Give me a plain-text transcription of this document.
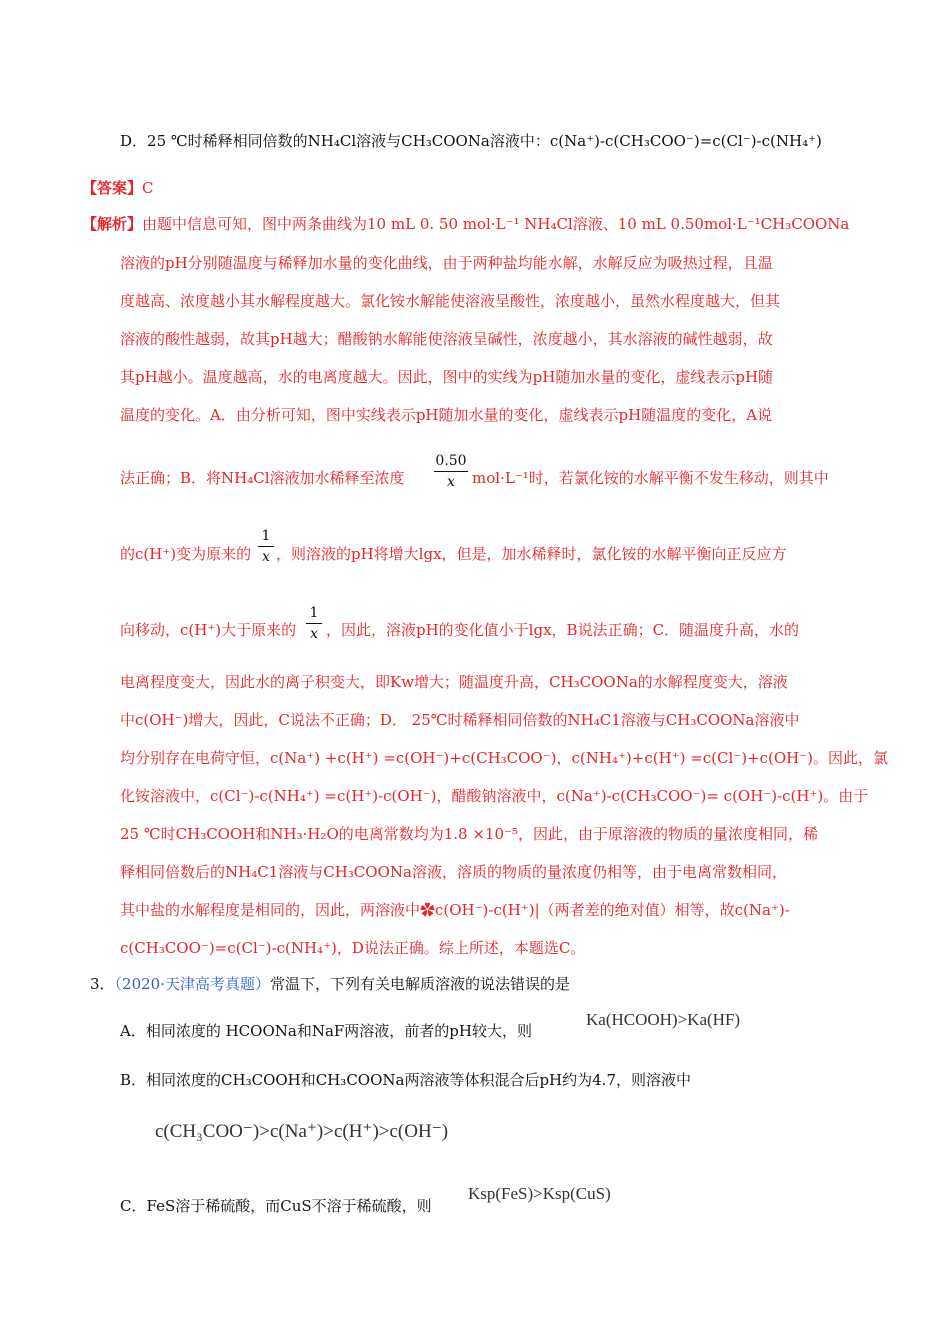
D．25 ℃时稀释相同倍数的NH₄Cl溶液与CH₃COONa溶液中：c(Na⁺)-c(CH₃COO⁻)=c(Cl⁻)-c(NH₄⁺)
【答案】C
【解析】由题中信息可知，图中两条曲线为10 mL 0. 50 mol·L⁻¹ NH₄Cl溶液、10 mL 0.50mol·L⁻¹CH₃COONa
溶液的pH分别随温度与稀释加水量的变化曲线，由于两种盐均能水解，水解反应为吸热过程，且温
度越高、浓度越小其水解程度越大。氯化铵水解能使溶液呈酸性，浓度越小，虽然水程度越大，但其
溶液的酸性越弱，故其pH越大；醋酸钠水解能使溶液呈碱性，浓度越小，其水溶液的碱性越弱，故
其pH越小。温度越高，水的电离度越大。因此，图中的实线为pH随加水量的变化，虚线表示pH随
温度的变化。A．由分析可知，图中实线表示pH随加水量的变化，虚线表示pH随温度的变化，A说
法正确；B．将NH₄Cl溶液加水稀释至浓度
0.50
x	mol·L⁻¹时，若氯化铵的水解平衡不发生移动，则其中
的c(H⁺)变为原来的
1
x ，则溶液的pH将增大lgx，但是，加水稀释时，氯化铵的水解平衡向正反应方
向移动，c(H⁺)大于原来的
1
x ，因此，溶液pH的变化值小于lgx，B说法正确；C．随温度升高，水的
电离程度变大，因此水的离子积变大，即Kw增大；随温度升高，CH₃COONa的水解程度变大，溶液
中c(OH⁻)增大，因此，C说法不正确；D． 25℃时稀释相同倍数的NH₄C1溶液与CH₃COONa溶液中
均分别存在电荷守恒，c(Na⁺) +c(H⁺) =c(OH⁻)+c(CH₃COO⁻)，c(NH₄⁺)+c(H⁺) =c(Cl⁻)+c(OH⁻)。因此，氯
化铵溶液中，c(Cl⁻)-c(NH₄⁺) =c(H⁺)-c(OH⁻)，醋酸钠溶液中，c(Na⁺)-c(CH₃COO⁻)= c(OH⁻)-c(H⁺)。由于
25 ℃时CH₃COOH和NH₃·H₂O的电离常数均为1.8 ×10⁻⁵，因此，由于原溶液的物质的量浓度相同，稀
释相同倍数后的NH₄C1溶液与CH₃COONa溶液，溶质的物质的量浓度仍相等，由于电离常数相同，
其中盐的水解程度是相同的，因此，两溶液中✿c(OH⁻)-c(H⁺)|（两者差的绝对值）相等，故c(Na⁺)-
c(CH₃COO⁻)=c(Cl⁻)-c(NH₄⁺)，D说法正确。综上所述，本题选C。
3．（2020·天津高考真题）常温下，下列有关电解质溶液的说法错误的是
A．相同浓度的 HCOONa和NaF两溶液，前者的pH较大，则
Ka(HCOOH)>Ka(HF)
B．相同浓度的CH₃COOH和CH₃COONa两溶液等体积混合后pH约为4.7，则溶液中
c(CH₃COO⁻)>c(Na⁺)>c(H⁺)>c(OH⁻)
C．FeS溶于稀硫酸，而CuS不溶于稀硫酸，则
Ksp(FeS)>Ksp(CuS)
